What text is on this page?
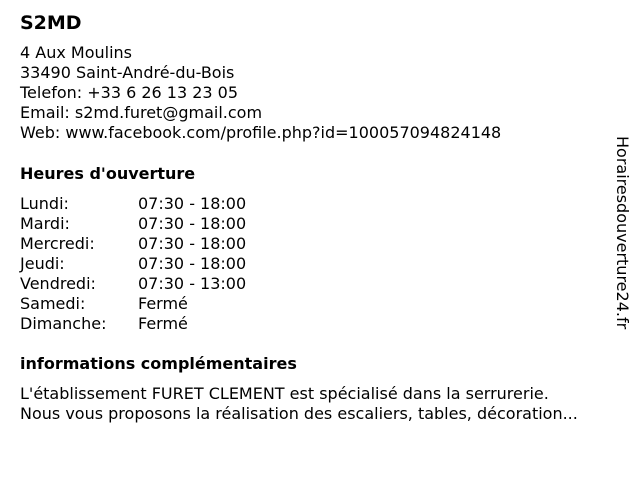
S2MD
4 Aux Moulins
33490 Saint-André-du-Bois
Telefon: +33 6 26 13 23 05
Email: s2md.furet@gmail.com
Web: www.facebook.com/profile.php?id=100057094824148
Heures d'ouverture
Lundi:	07:30 - 18:00
Mardi:	07:30 - 18:00
Mercredi:	07:30 - 18:00
Jeudi:	07:30 - 18:00
Vendredi:	07:30 - 13:00
Samedi:	Fermé
Dimanche:	Fermé
informations complémentaires
L'établissement FURET CLEMENT est spécialisé dans la serrurerie.
Nous vous proposons la réalisation des escaliers, tables, décoration...
Horairesdouverture24.fr
